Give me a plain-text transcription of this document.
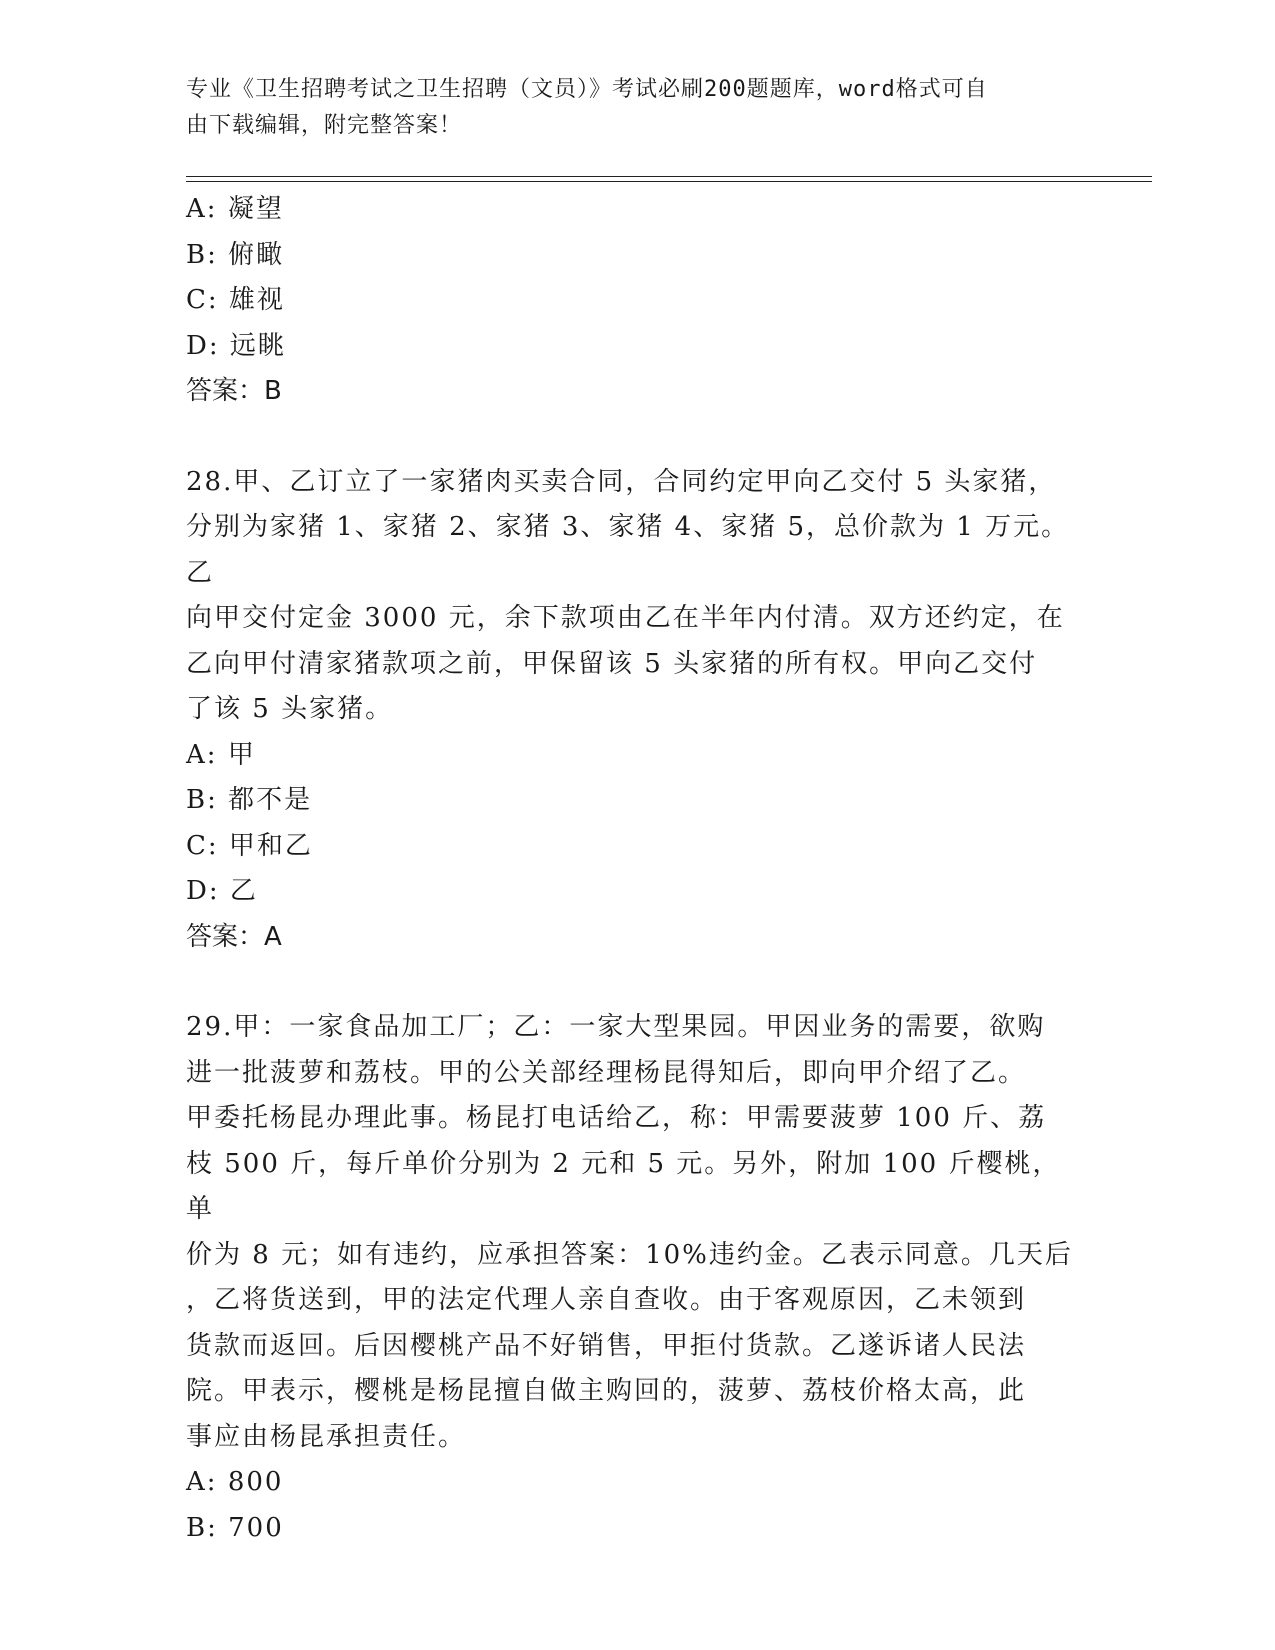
专业《卫生招聘考试之卫生招聘（文员）》考试必刷200题题库，word格式可自
由下载编辑，附完整答案！
A: 凝望
B: 俯瞰
C: 雄视
D: 远眺
答案：B
28.甲、乙订立了一家猪肉买卖合同，合同约定甲向乙交付 5 头家猪，
分别为家猪 1、家猪 2、家猪 3、家猪 4、家猪 5，总价款为 1 万元。乙
向甲交付定金 3000 元，余下款项由乙在半年内付清。双方还约定，在
乙向甲付清家猪款项之前，甲保留该 5 头家猪的所有权。甲向乙交付
了该 5 头家猪。
A: 甲
B: 都不是
C: 甲和乙
D: 乙
答案：A
29.甲：一家食品加工厂；乙：一家大型果园。甲因业务的需要，欲购
进一批菠萝和荔枝。甲的公关部经理杨昆得知后，即向甲介绍了乙。
甲委托杨昆办理此事。杨昆打电话给乙，称：甲需要菠萝 100 斤、荔
枝 500 斤，每斤单价分别为 2 元和 5 元。另外，附加 100 斤樱桃，单
价为 8 元；如有违约，应承担答案：10%违约金。乙表示同意。几天后
，乙将货送到，甲的法定代理人亲自查收。由于客观原因，乙未领到
货款而返回。后因樱桃产品不好销售，甲拒付货款。乙遂诉诸人民法
院。甲表示，樱桃是杨昆擅自做主购回的，菠萝、荔枝价格太高，此
事应由杨昆承担责任。
A: 800
B: 700
